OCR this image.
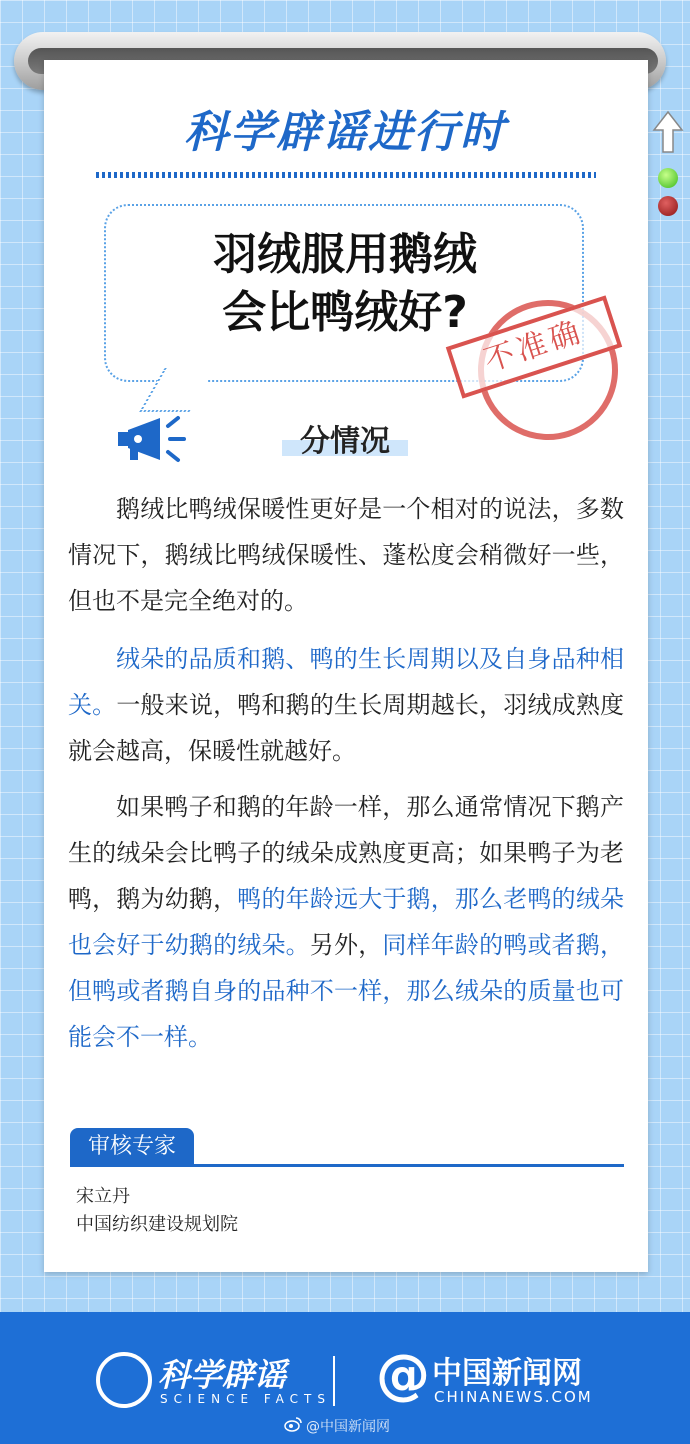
科学辟谣进行时
羽绒服用鹅绒
会比鸭绒好?
不准确
分情况
鹅绒比鸭绒保暖性更好是一个相对的说法，多数情况下，鹅绒比鸭绒保暖性、蓬松度会稍微好一些，但也不是完全绝对的。
绒朵的品质和鹅、鸭的生长周期以及自身品种相关。一般来说，鸭和鹅的生长周期越长，羽绒成熟度就会越高，保暖性就越好。
如果鸭子和鹅的年龄一样，那么通常情况下鹅产生的绒朵会比鸭子的绒朵成熟度更高；如果鸭子为老鸭，鹅为幼鹅，鸭的年龄远大于鹅，那么老鸭的绒朵也会好于幼鹅的绒朵。另外，同样年龄的鸭或者鹅，但鸭或者鹅自身的品种不一样，那么绒朵的质量也可能会不一样。
审核专家
宋立丹
中国纺织建设规划院
科学辟谣
SCIENCE FACTS @ 中国新闻网
CHINANEWS.COM
@中国新闻网
